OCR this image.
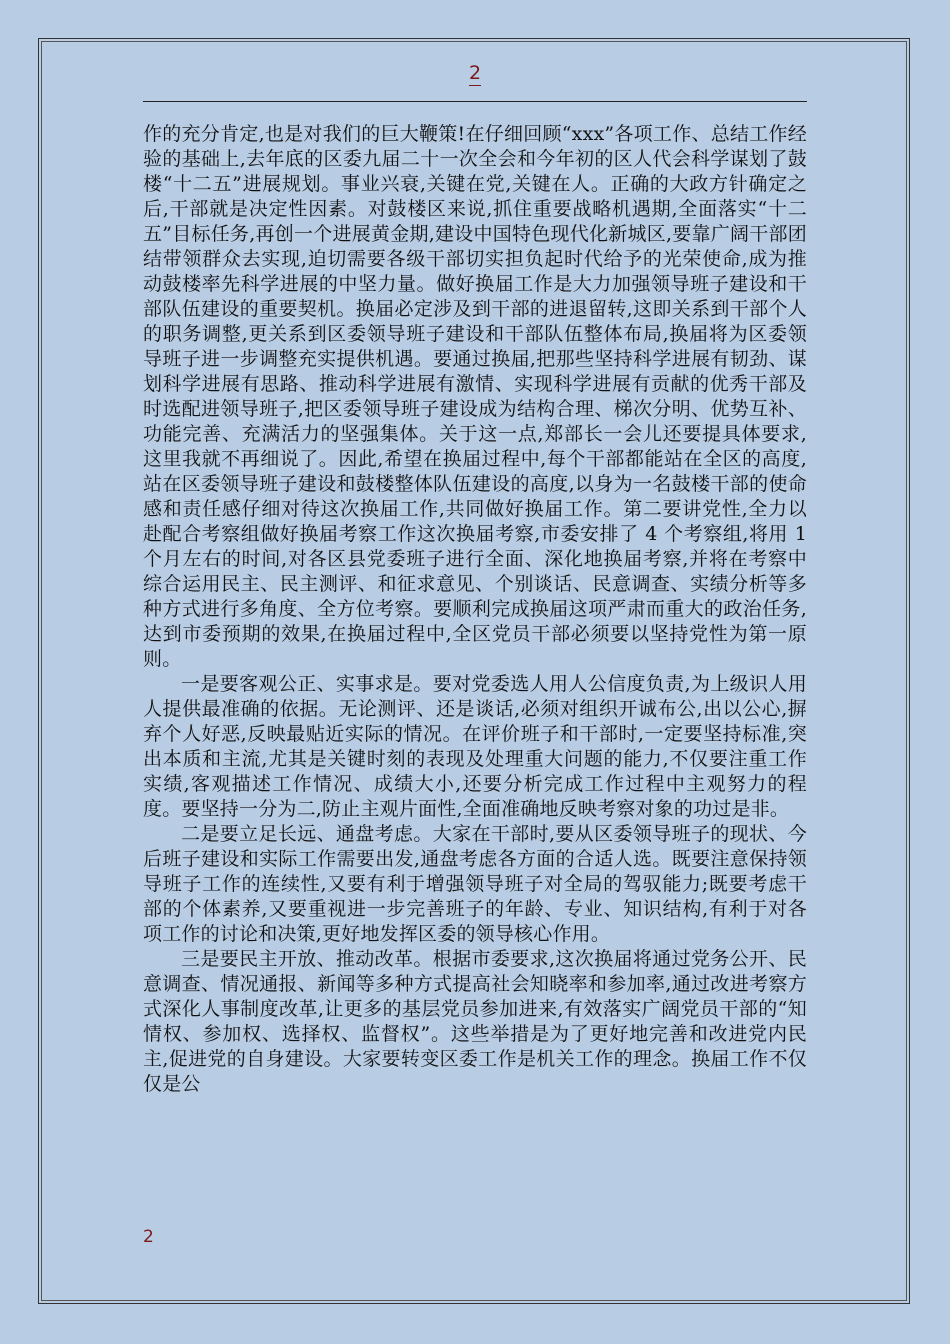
2

作的充分肯定,也是对我们的巨大鞭策!在仔细回顾“xxx”各项工作、总结工作经验的基础上,去年底的区委九届二十一次全会和今年初的区人代会科学谋划了鼓楼“十二五”进展规划。事业兴衰,关键在党,关键在人。正确的大政方针确定之后,干部就是决定性因素。对鼓楼区来说,抓住重要战略机遇期,全面落实“十二五”目标任务,再创一个进展黄金期,建设中国特色现代化新城区,要靠广阔干部团结带领群众去实现,迫切需要各级干部切实担负起时代给予的光荣使命,成为推动鼓楼率先科学进展的中坚力量。做好换届工作是大力加强领导班子建设和干部队伍建设的重要契机。换届必定涉及到干部的进退留转,这即关系到干部个人的职务调整,更关系到区委领导班子建设和干部队伍整体布局,换届将为区委领导班子进一步调整充实提供机遇。要通过换届,把那些坚持科学进展有韧劲、谋划科学进展有思路、推动科学进展有激情、实现科学进展有贡献的优秀干部及时选配进领导班子,把区委领导班子建设成为结构合理、梯次分明、优势互补、功能完善、充满活力的坚强集体。关于这一点,郑部长一会儿还要提具体要求,这里我就不再细说了。因此,希望在换届过程中,每个干部都能站在全区的高度,站在区委领导班子建设和鼓楼整体队伍建设的高度,以身为一名鼓楼干部的使命感和责任感仔细对待这次换届工作,共同做好换届工作。第二要讲党性,全力以赴配合考察组做好换届考察工作这次换届考察,市委安排了 4 个考察组,将用 1 个月左右的时间,对各区县党委班子进行全面、深化地换届考察,并将在考察中综合运用民主、民主测评、和征求意见、个别谈话、民意调查、实绩分析等多种方式进行多角度、全方位考察。要顺利完成换届这项严肃而重大的政治任务,达到市委预期的效果,在换届过程中,全区党员干部必须要以坚持党性为第一原则。

一是要客观公正、实事求是。要对党委选人用人公信度负责,为上级识人用人提供最准确的依据。无论测评、还是谈话,必须对组织开诚布公,出以公心,摒弃个人好恶,反映最贴近实际的情况。在评价班子和干部时,一定要坚持标准,突出本质和主流,尤其是关键时刻的表现及处理重大问题的能力,不仅要注重工作实绩,客观描述工作情况、成绩大小,还要分析完成工作过程中主观努力的程度。要坚持一分为二,防止主观片面性,全面准确地反映考察对象的功过是非。

二是要立足长远、通盘考虑。大家在干部时,要从区委领导班子的现状、今后班子建设和实际工作需要出发,通盘考虑各方面的合适人选。既要注意保持领导班子工作的连续性,又要有利于增强领导班子对全局的驾驭能力;既要考虑干部的个体素养,又要重视进一步完善班子的年龄、专业、知识结构,有利于对各项工作的讨论和决策,更好地发挥区委的领导核心作用。

三是要民主开放、推动改革。根据市委要求,这次换届将通过党务公开、民意调查、情况通报、新闻等多种方式提高社会知晓率和参加率,通过改进考察方式深化人事制度改革,让更多的基层党员参加进来,有效落实广阔党员干部的“知情权、参加权、选择权、监督权”。这些举措是为了更好地完善和改进党内民主,促进党的自身建设。大家要转变区委工作是机关工作的理念。换届工作不仅仅是公

2
